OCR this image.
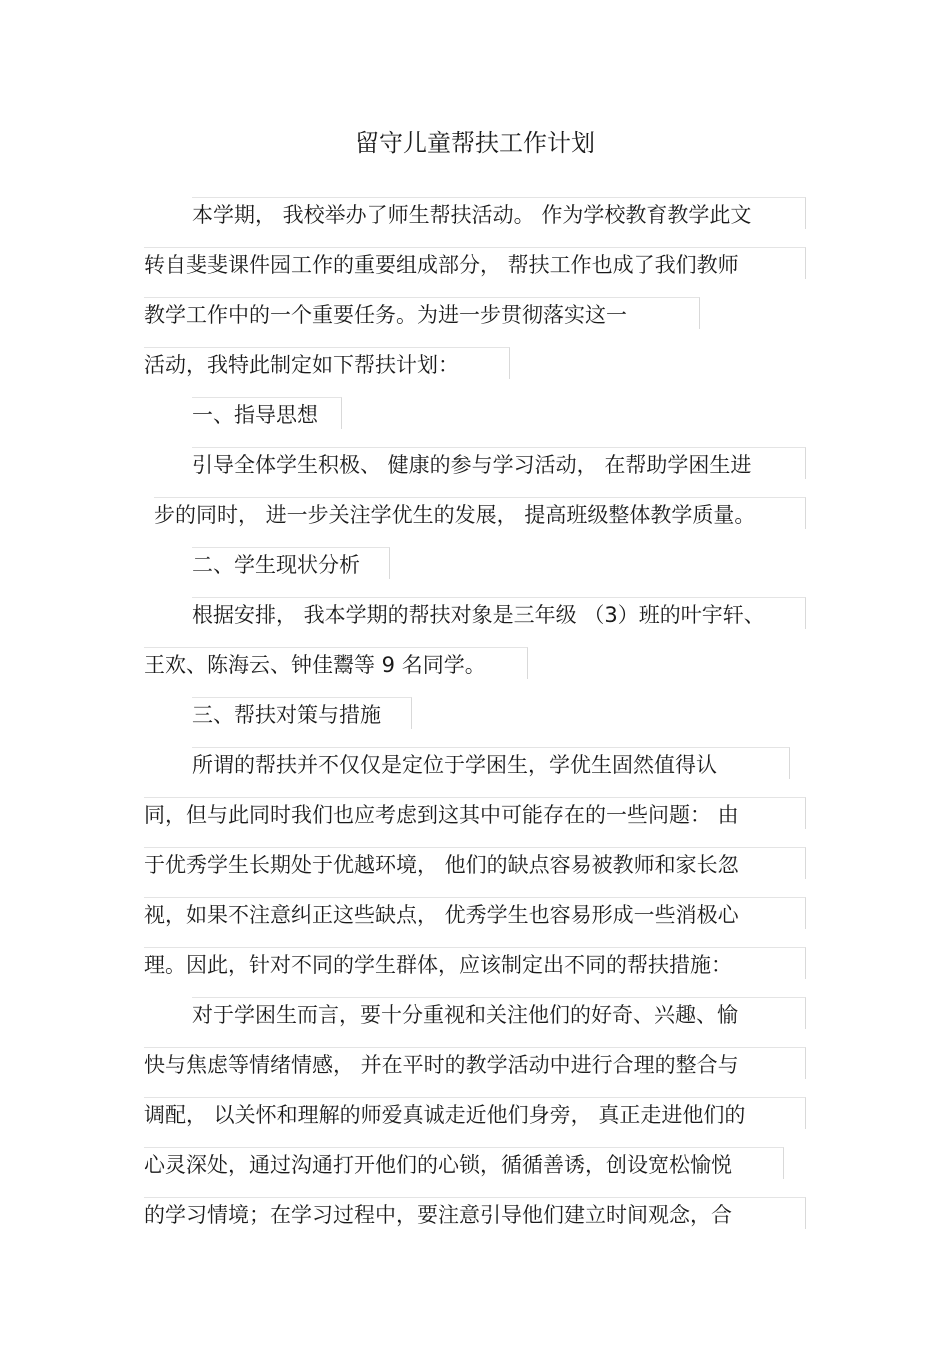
留守儿童帮扶工作计划
本学期， 我校举办了师生帮扶活动。 作为学校教育教学此文
转自斐斐课件园工作的重要组成部分， 帮扶工作也成了我们教师
教学工作中的一个重要任务。为进一步贯彻落实这一
活动，我特此制定如下帮扶计划：
一、指导思想
引导全体学生积极、 健康的参与学习活动， 在帮助学困生进
步的同时， 进一步关注学优生的发展， 提高班级整体教学质量。
二、学生现状分析
根据安排， 我本学期的帮扶对象是三年级 （3）班的叶宇轩、
王欢、陈海云、钟佳鬻等 9 名同学。
三、帮扶对策与措施
所谓的帮扶并不仅仅是定位于学困生，学优生固然值得认
同，但与此同时我们也应考虑到这其中可能存在的一些问题： 由
于优秀学生长期处于优越环境， 他们的缺点容易被教师和家长忽
视，如果不注意纠正这些缺点， 优秀学生也容易形成一些消极心
理。因此，针对不同的学生群体，应该制定出不同的帮扶措施：
对于学困生而言，要十分重视和关注他们的好奇、兴趣、愉
快与焦虑等情绪情感， 并在平时的教学活动中进行合理的整合与
调配， 以关怀和理解的师爱真诚走近他们身旁， 真正走进他们的
心灵深处，通过沟通打开他们的心锁，循循善诱，创设宽松愉悦
的学习情境；在学习过程中，要注意引导他们建立时间观念，合
